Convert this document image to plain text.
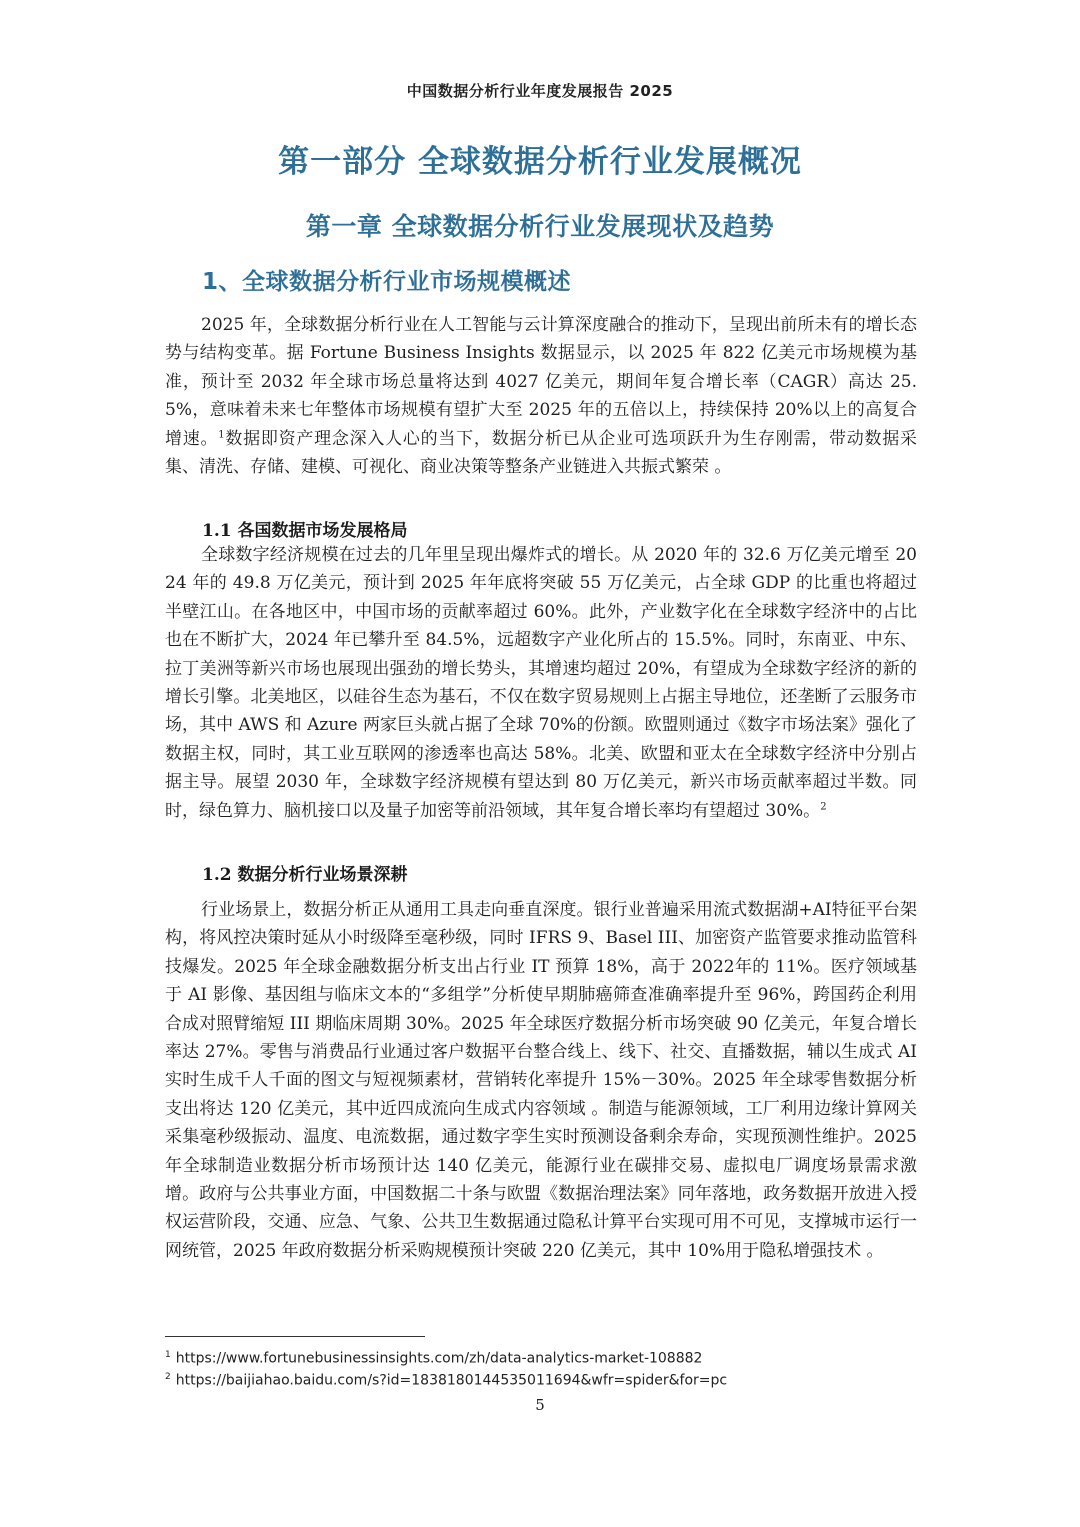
中国数据分析行业年度发展报告 2025
第一部分 全球数据分析行业发展概况
第一章 全球数据分析行业发展现状及趋势
1、全球数据分析行业市场规模概述

2025 年，全球数据分析行业在人工智能与云计算深度融合的推动下，呈现出前所未有的增长态势与结构变革。据 Fortune Business Insights 数据显示，以 2025 年 822 亿美元市场规模为基准，预计至 2032 年全球市场总量将达到 4027 亿美元，期间年复合增长率（CAGR）高达 25.5%，意味着未来七年整体市场规模有望扩大至 2025 年的五倍以上，持续保持 20%以上的高复合增速。$^1$数据即资产理念深入人心的当下，数据分析已从企业可选项跃升为生存刚需，带动数据采集、清洗、存储、建模、可视化、商业决策等整条产业链进入共振式繁荣 。

1.1 各国数据市场发展格局

全球数字经济规模在过去的几年里呈现出爆炸式的增长。从 2020 年的 32.6 万亿美元增至 2024 年的 49.8 万亿美元，预计到 2025 年年底将突破 55 万亿美元，占全球 GDP 的比重也将超过半壁江山。在各地区中，中国市场的贡献率超过 60%。此外，产业数字化在全球数字经济中的占比也在不断扩大，2024 年已攀升至 84.5%，远超数字产业化所占的 15.5%。同时，东南亚、中东、拉丁美洲等新兴市场也展现出强劲的增长势头，其增速均超过 20%，有望成为全球数字经济的新的增长引擎。北美地区，以硅谷生态为基石，不仅在数字贸易规则上占据主导地位，还垄断了云服务市场，其中 AWS 和 Azure 两家巨头就占据了全球 70%的份额。欧盟则通过《数字市场法案》强化了数据主权，同时，其工业互联网的渗透率也高达 58%。北美、欧盟和亚太在全球数字经济中分别占据主导。展望 2030 年，全球数字经济规模有望达到 80 万亿美元，新兴市场贡献率超过半数。同时，绿色算力、脑机接口以及量子加密等前沿领域，其年复合增长率均有望超过 30%。$^2$

1.2 数据分析行业场景深耕

行业场景上，数据分析正从通用工具走向垂直深度。银行业普遍采用流式数据湖+AI特征平台架构，将风控决策时延从小时级降至毫秒级，同时 IFRS 9、Basel III、加密资产监管要求推动监管科技爆发。2025 年全球金融数据分析支出占行业 IT 预算 18%，高于 2022年的 11%。医疗领域基于 AI 影像、基因组与临床文本的“多组学”分析使早期肺癌筛查准确率提升至 96%，跨国药企利用合成对照臂缩短 III 期临床周期 30%。2025 年全球医疗数据分析市场突破 90 亿美元，年复合增长率达 27%。零售与消费品行业通过客户数据平台整合线上、线下、社交、直播数据，辅以生成式 AI 实时生成千人千面的图文与短视频素材，营销转化率提升 15%－30%。2025 年全球零售数据分析支出将达 120 亿美元，其中近四成流向生成式内容领域 。制造与能源领域，工厂利用边缘计算网关采集毫秒级振动、温度、电流数据，通过数字孪生实时预测设备剩余寿命，实现预测性维护。2025 年全球制造业数据分析市场预计达 140 亿美元，能源行业在碳排交易、虚拟电厂调度场景需求激增。政府与公共事业方面，中国数据二十条与欧盟《数据治理法案》同年落地，政务数据开放进入授权运营阶段，交通、应急、气象、公共卫生数据通过隐私计算平台实现可用不可见，支撑城市运行一网统管，2025 年政府数据分析采购规模预计突破 220 亿美元，其中 10%用于隐私增强技术 。

$^1$ https://www.fortunebusinessinsights.com/zh/data-analytics-market-108882
$^2$ https://baijiahao.baidu.com/s?id=1838180144535011694&wfr=spider&for=pc
5
